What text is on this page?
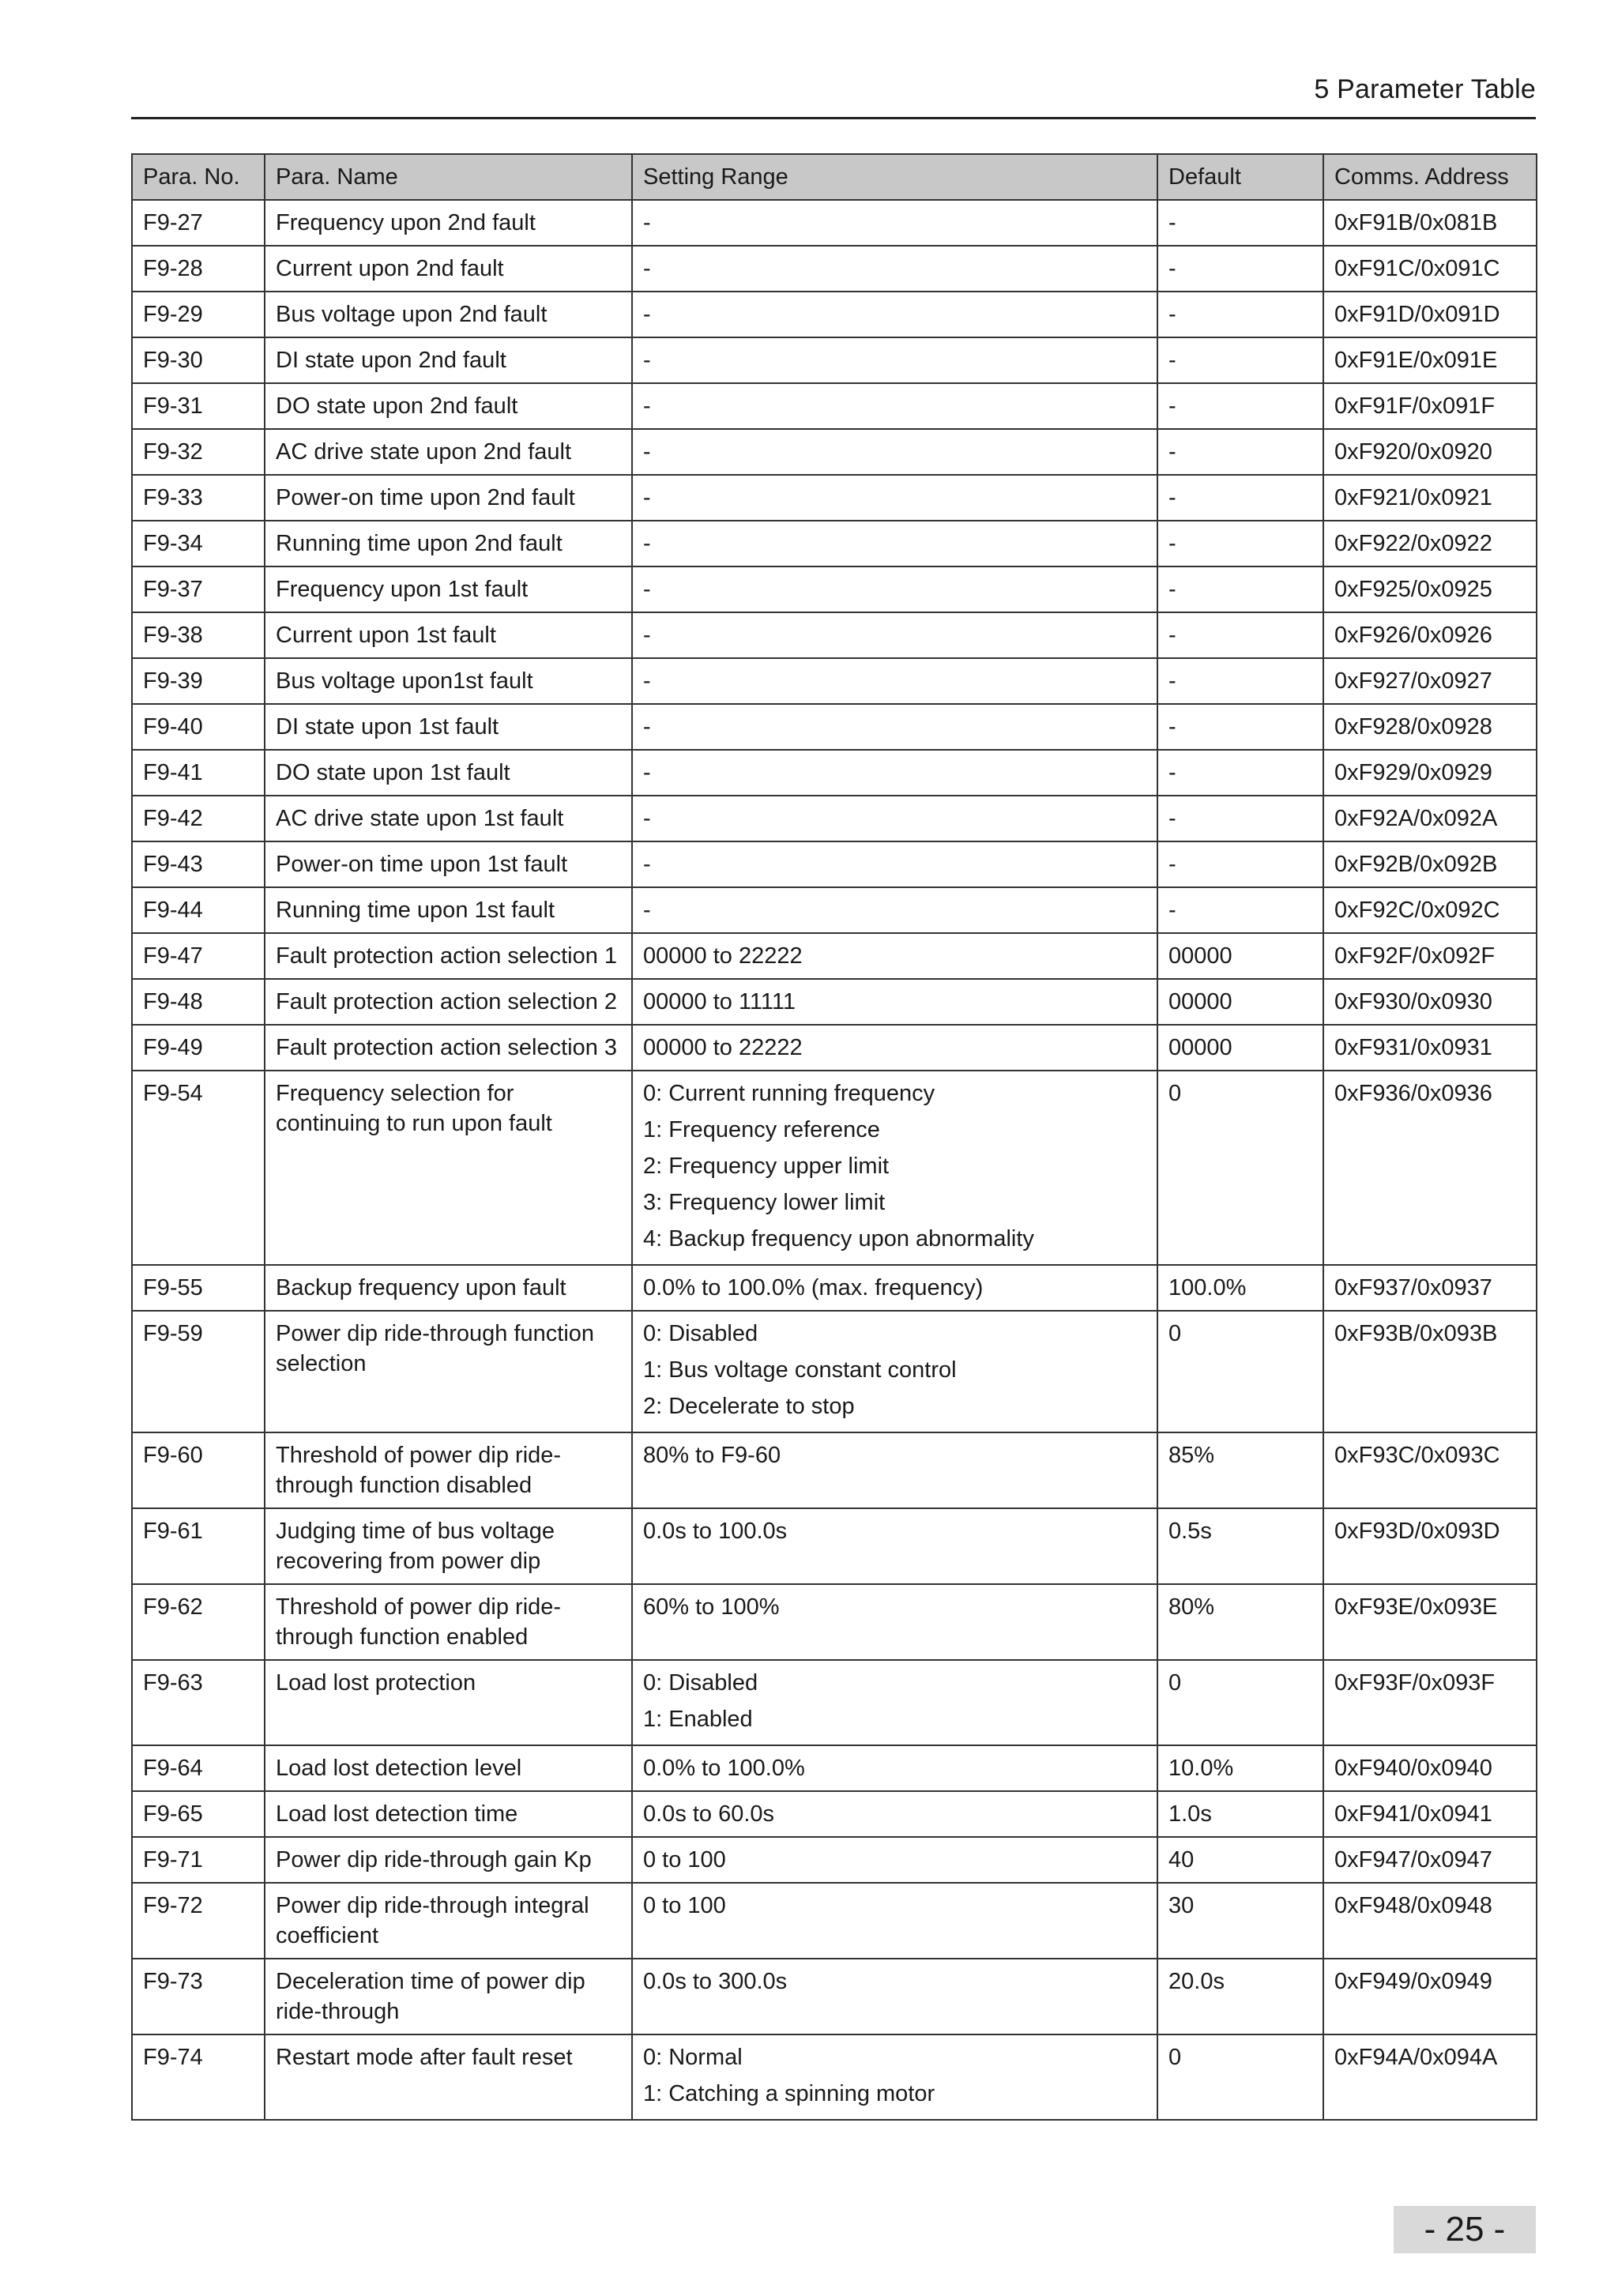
5 Parameter Table
Para. No.	Para. Name	Setting Range	Default	Comms. Address
F9-27	Frequency upon 2nd fault	-	-	0xF91B/0x081B
F9-28	Current upon 2nd fault	-	-	0xF91C/0x091C
F9-29	Bus voltage upon 2nd fault	-	-	0xF91D/0x091D
F9-30	DI state upon 2nd fault	-	-	0xF91E/0x091E
F9-31	DO state upon 2nd fault	-	-	0xF91F/0x091F
F9-32	AC drive state upon 2nd fault	-	-	0xF920/0x0920
F9-33	Power-on time upon 2nd fault	-	-	0xF921/0x0921
F9-34	Running time upon 2nd fault	-	-	0xF922/0x0922
F9-37	Frequency upon 1st fault	-	-	0xF925/0x0925
F9-38	Current upon 1st fault	-	-	0xF926/0x0926
F9-39	Bus voltage upon1st fault	-	-	0xF927/0x0927
F9-40	DI state upon 1st fault	-	-	0xF928/0x0928
F9-41	DO state upon 1st fault	-	-	0xF929/0x0929
F9-42	AC drive state upon 1st fault	-	-	0xF92A/0x092A
F9-43	Power-on time upon 1st fault	-	-	0xF92B/0x092B
F9-44	Running time upon 1st fault	-	-	0xF92C/0x092C
F9-47	Fault protection action selection 1	00000 to 22222	00000	0xF92F/0x092F
F9-48	Fault protection action selection 2	00000 to 11111	00000	0xF930/0x0930
F9-49	Fault protection action selection 3	00000 to 22222	00000	0xF931/0x0931
F9-54	Frequency selection for continuing to run upon fault	0: Current running frequency
1: Frequency reference
2: Frequency upper limit
3: Frequency lower limit
4: Backup frequency upon abnormality	0	0xF936/0x0936
F9-55	Backup frequency upon fault	0.0% to 100.0% (max. frequency)	100.0%	0xF937/0x0937
F9-59	Power dip ride-through function selection	0: Disabled
1: Bus voltage constant control
2: Decelerate to stop	0	0xF93B/0x093B
F9-60	Threshold of power dip ride-through function disabled	80% to F9-60	85%	0xF93C/0x093C
F9-61	Judging time of bus voltage recovering from power dip	0.0s to 100.0s	0.5s	0xF93D/0x093D
F9-62	Threshold of power dip ride-through function enabled	60% to 100%	80%	0xF93E/0x093E
F9-63	Load lost protection	0: Disabled
1: Enabled	0	0xF93F/0x093F
F9-64	Load lost detection level	0.0% to 100.0%	10.0%	0xF940/0x0940
F9-65	Load lost detection time	0.0s to 60.0s	1.0s	0xF941/0x0941
F9-71	Power dip ride-through gain Kp	0 to 100	40	0xF947/0x0947
F9-72	Power dip ride-through integral coefficient	0 to 100	30	0xF948/0x0948
F9-73	Deceleration time of power dip ride-through	0.0s to 300.0s	20.0s	0xF949/0x0949
F9-74	Restart mode after fault reset	0: Normal
1: Catching a spinning motor	0	0xF94A/0x094A
- 25 -
